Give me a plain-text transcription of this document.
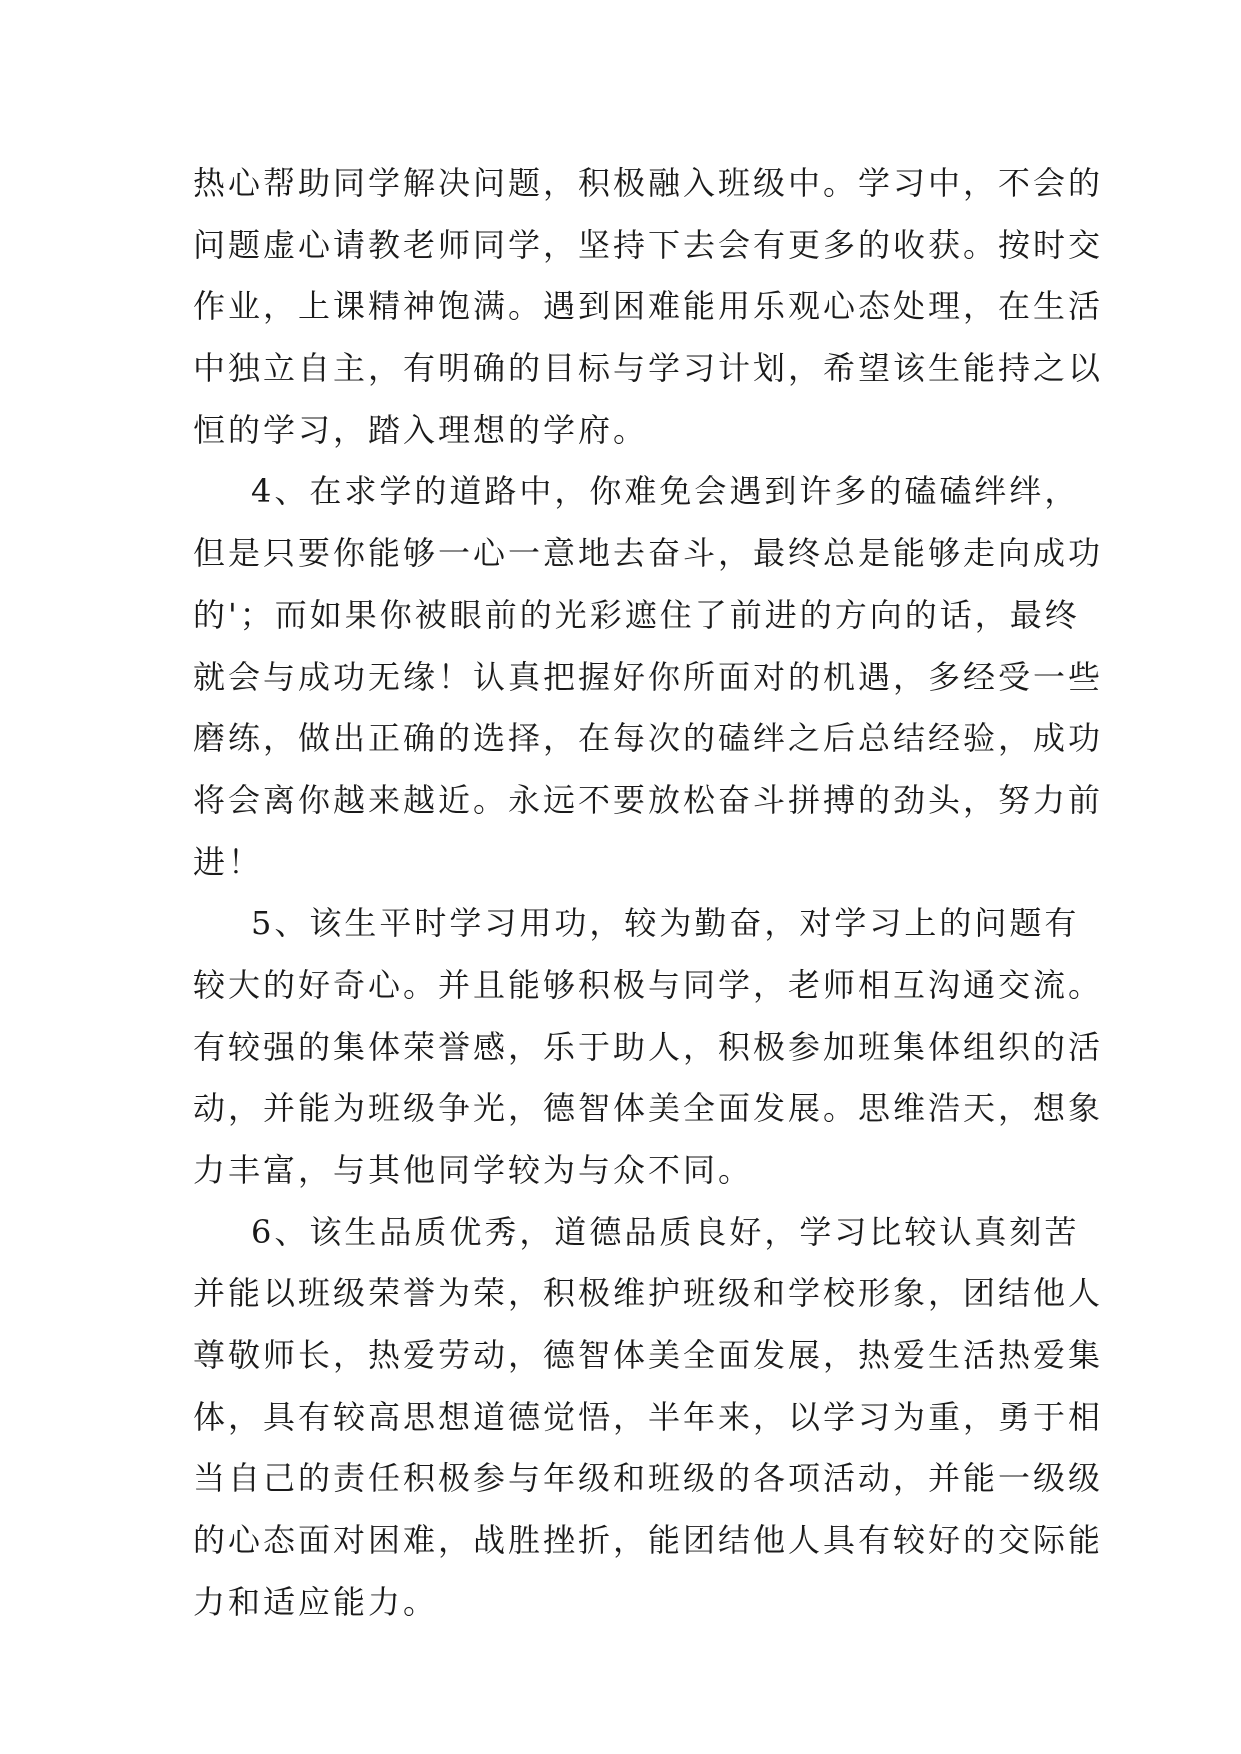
热心帮助同学解决问题，积极融入班级中。学习中，不会的
问题虚心请教老师同学，坚持下去会有更多的收获。按时交
作业，上课精神饱满。遇到困难能用乐观心态处理，在生活
中独立自主，有明确的目标与学习计划，希望该生能持之以
恒的学习，踏入理想的学府。
4、在求学的道路中，你难免会遇到许多的磕磕绊绊，
但是只要你能够一心一意地去奋斗，最终总是能够走向成功
的'；而如果你被眼前的光彩遮住了前进的方向的话，最终
就会与成功无缘！认真把握好你所面对的机遇，多经受一些
磨练，做出正确的选择，在每次的磕绊之后总结经验，成功
将会离你越来越近。永远不要放松奋斗拼搏的劲头，努力前
进！
5、该生平时学习用功，较为勤奋，对学习上的问题有
较大的好奇心。并且能够积极与同学，老师相互沟通交流。
有较强的集体荣誉感，乐于助人，积极参加班集体组织的活
动，并能为班级争光，德智体美全面发展。思维浩天，想象
力丰富，与其他同学较为与众不同。
6、该生品质优秀，道德品质良好，学习比较认真刻苦
并能以班级荣誉为荣，积极维护班级和学校形象，团结他人
尊敬师长，热爱劳动，德智体美全面发展，热爱生活热爱集
体，具有较高思想道德觉悟，半年来，以学习为重，勇于相
当自己的责任积极参与年级和班级的各项活动，并能一级级
的心态面对困难，战胜挫折，能团结他人具有较好的交际能
力和适应能力。
